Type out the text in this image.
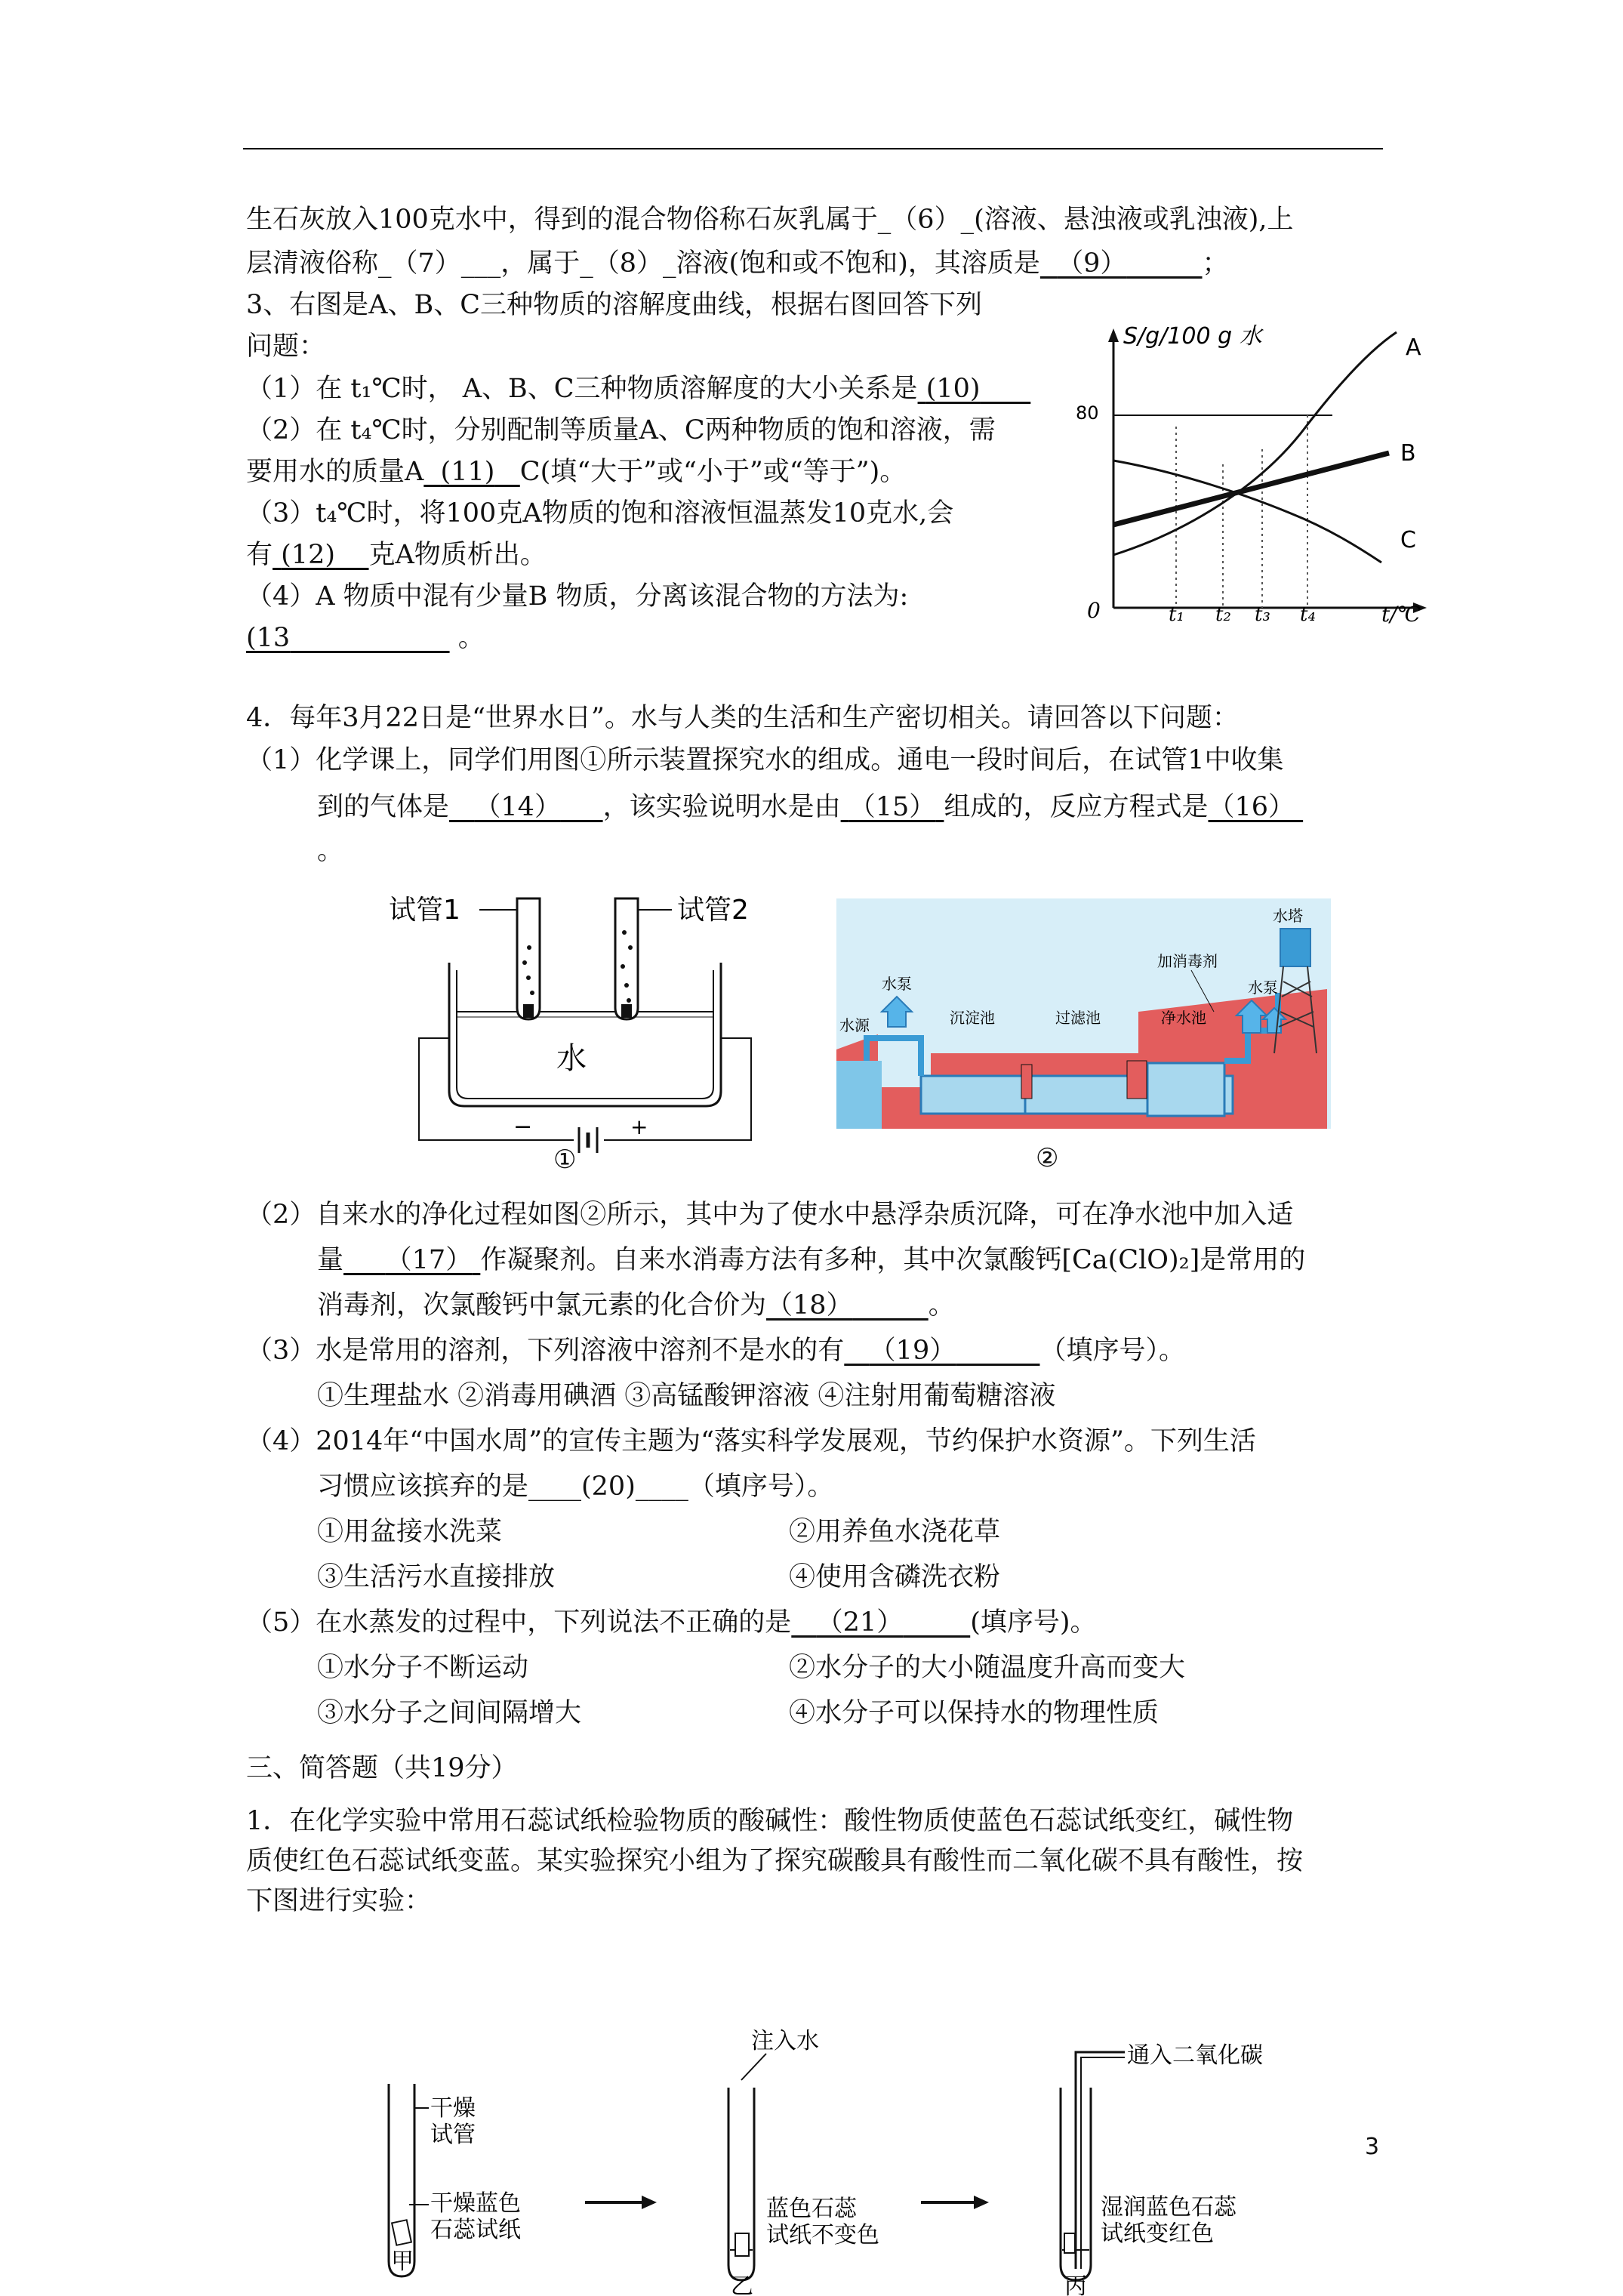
生石灰放入100克水中，得到的混合物俗称石灰乳属于_（6）_(溶液、悬浊液或乳浊液),上
层清液俗称_（7）___，属于_（8）_溶液(饱和或不饱和)，其溶质是 （9）	；
3、右图是A、B、C三种物质的溶解度曲线，根据右图回答下列
问题：
（1）在 t₁℃时， A、B、C三种物质溶解度的大小关系是 (10)
（2）在 t₄℃时，分别配制等质量A、C两种物质的饱和溶液，需
要用水的质量A (11) C(填“大于”或“小于”或“等于”)。
（3）t₄℃时，将100克A物质的饱和溶液恒温蒸发10克水,会
有 (12) 克A物质析出。
（4）A 物质中混有少量B 物质，分离该混合物的方法为:
(13	。
S/g/100 g 水
80
A
B
C
0	t₁ t₂ t₃ t₄	t/℃
4．每年3月22日是“世界水日”。水与人类的生活和生产密切相关。请回答以下问题：
（1）化学课上，同学们用图①所示装置探究水的组成。通电一段时间后，在试管1中收集
到的气体是 （14） ，该实验说明水是由 （15） 组成的，反应方程式是（16）
。
试管1	试管2
水
−	+
①
水塔
水泵
水源	沉淀池	过滤池
加消毒剂
水泵
净水池
②
（2）自来水的净化过程如图②所示，其中为了使水中悬浮杂质沉降，可在净水池中加入适
量 （17） 作凝聚剂。自来水消毒方法有多种，其中次氯酸钙[Ca(ClO)₂]是常用的
消毒剂，次氯酸钙中氯元素的化合价为（18）	。
（3）水是常用的溶剂，下列溶液中溶剂不是水的有 （19）	（填序号）。
①生理盐水 ②消毒用碘酒 ③高锰酸钾溶液 ④注射用葡萄糖溶液
（4）2014年“中国水周”的宣传主题为“落实科学发展观，节约保护水资源”。下列生活
习惯应该摈弃的是____(20)____（填序号）。
①用盆接水洗菜	②用养鱼水浇花草
③生活污水直接排放	④使用含磷洗衣粉
（5）在水蒸发的过程中，下列说法不正确的是 （21）	(填序号)。
①水分子不断运动	②水分子的大小随温度升高而变大
③水分子之间间隔增大	④水分子可以保持水的物理性质
三、简答题（共19分）
1．在化学实验中常用石蕊试纸检验物质的酸碱性：酸性物质使蓝色石蕊试纸变红，碱性物
质使红色石蕊试纸变蓝。某实验探究小组为了探究碳酸具有酸性而二氧化碳不具有酸性，按
下图进行实验：
干燥
试管
干燥蓝色
石蕊试纸
甲
注入水
蓝色石蕊
试纸不变色
乙
通入二氧化碳
湿润蓝色石蕊
试纸变红色
丙
3
